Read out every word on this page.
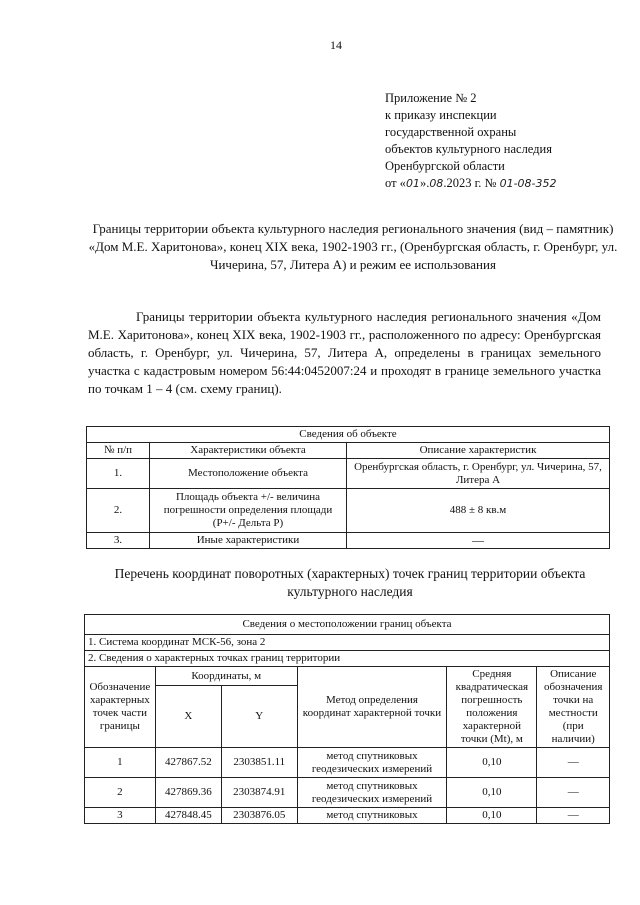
14
Приложение № 2
к приказу инспекции
государственной охраны
объектов культурного наследия
Оренбургской области
от «01».08.2023 г. № 01-08-352
Границы территории объекта культурного наследия регионального значения (вид – памятник) «Дом М.Е. Харитонова», конец XIX века, 1902-1903 гг., (Оренбургская область, г. Оренбург, ул. Чичерина, 57, Литера А) и режим ее использования
Границы территории объекта культурного наследия регионального значения «Дом М.Е. Харитонова», конец XIX века, 1902-1903 гг., расположенного по адресу: Оренбургская область, г. Оренбург, ул. Чичерина, 57, Литера А, определены в границах земельного участка с кадастровым номером 56:44:0452007:24 и проходят в границе земельного участка по точкам 1 – 4 (см. схему границ).
Сведения об объекте		
№ п/п	Характеристики объекта	Описание характеристик
1.	Местоположение объекта	Оренбургская область, г. Оренбург, ул. Чичерина, 57, Литера А
2.	Площадь объекта +/- величина погрешности определения площади (Р+/- Дельта Р)	488 ± 8 кв.м
3.	Иные характеристики	—
Перечень координат поворотных (характерных) точек границ территории объекта культурного наследия
Сведения о местоположении границ объекта					
1. Система координат МСК-56, зона 2					
2. Сведения о характерных точках границ территории					
Обозначение характерных точек части границы	Координаты, м		Метод определения координат характерной точки	Средняя квадратическая погрешность положения характерной точки (Mt), м	Описание обозначения точки на местности (при наличии)
	X	Y			
1	427867.52	2303851.11	метод спутниковых геодезических измерений	0,10	—
2	427869.36	2303874.91	метод спутниковых геодезических измерений	0,10	—
3	427848.45	2303876.05	метод спутниковых	0,10	—
